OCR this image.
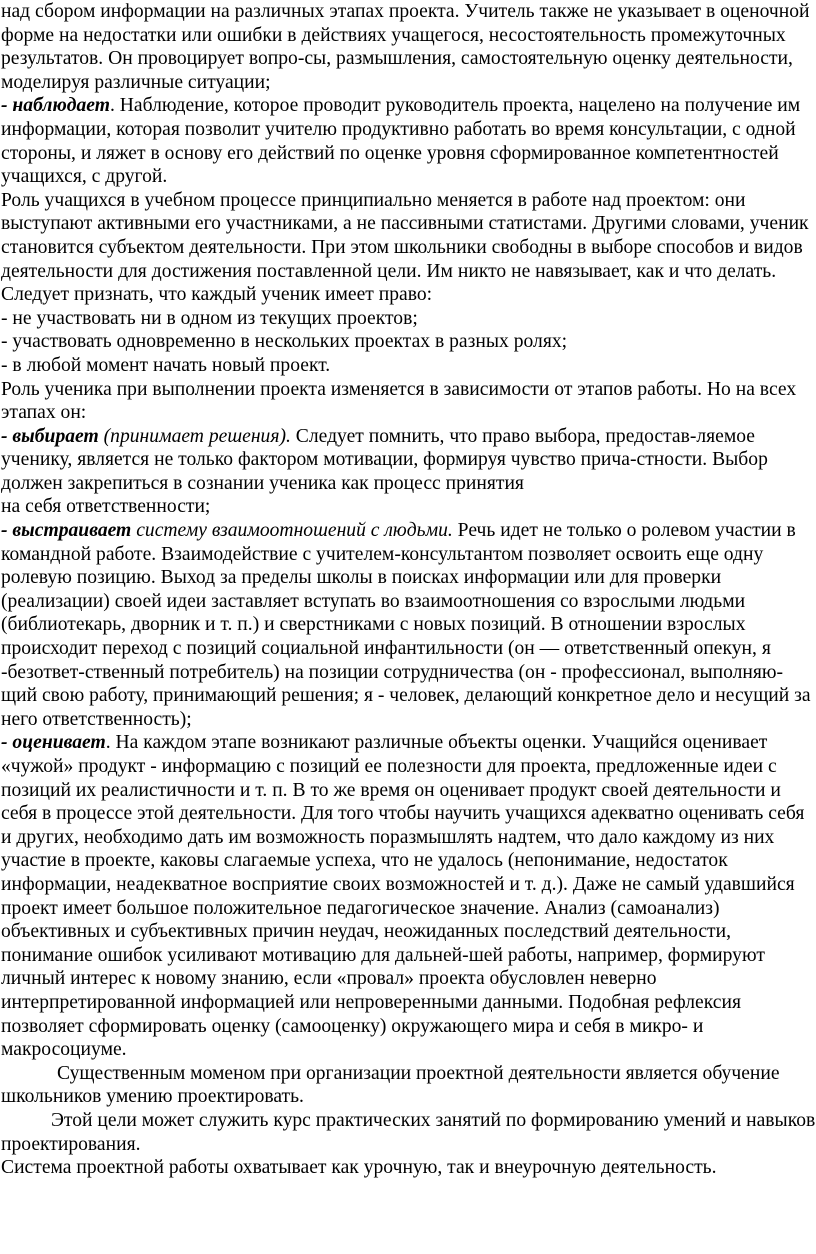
над сбором информации на различных этапах проекта. Учитель также не указывает в оценочной форме на недостатки или ошибки в действиях учащегося, несостоятельность промежуточных результатов. Он провоцирует вопро-сы, размышления, самостоятельную оценку деятельности, моделируя различные ситуации;

- наблюдает. Наблюдение, которое проводит руководитель проекта, нацелено на получение им информации, которая позволит учителю продуктивно работать во время консультации, с одной стороны, и ляжет в основу его действий по оценке уровня сформированное компетентностей учащихся, с другой.

Роль учащихся в учебном процессе принципиально меняется в работе над проектом: они выступают активными его участниками, а не пассивными статистами. Другими словами, ученик становится субъектом деятельности. При этом школьники свободны в выборе способов и видов деятельности для достижения поставленной цели. Им никто не навязывает, как и что делать.

Следует признать, что каждый ученик имеет право:

- не участвовать ни в одном из текущих проектов;

- участвовать одновременно в нескольких проектах в разных ролях;

- в любой момент начать новый проект.

Роль ученика при выполнении проекта изменяется в зависимости от этапов работы. Но на всех этапах он:

- выбирает (принимает решения). Следует помнить, что право выбора, предостав-ляемое ученику, является не только фактором мотивации, формируя чувство прича-стности. Выбор должен закрепиться в сознании ученика как процесс принятия

на себя ответственности;

- выстраивает систему взаимоотношений с людьми. Речь идет не только о ролевом участии в командной работе. Взаимодействие с учителем-консультантом позволяет освоить еще одну ролевую позицию. Выход за пределы школы в поисках информации или для проверки (реализации) своей идеи заставляет вступать во взаимоотношения со взрослыми людьми (библиотекарь, дворник и т. п.) и сверстниками с новых позиций. В отношении взрослых происходит переход с позиций социальной инфантильности (он — ответственный опекун, я -безответ-ственный потребитель) на позиции сотрудничества (он - профессионал, выполняю-щий свою работу, принимающий решения; я - человек, делающий конкретное дело и несущий за него ответственность);

- оценивает. На каждом этапе возникают различные объекты оценки. Учащийся оценивает «чужой» продукт - информацию с позиций ее полезности для проекта, предложенные идеи с позиций их реалистичности и т. п. В то же время он оценивает продукт своей деятельности и себя в процессе этой деятельности. Для того чтобы научить учащихся адекватно оценивать себя и других, необходимо дать им возможность поразмышлять надтем, что дало каждому из них участие в проекте, каковы слагаемые успеха, что не удалось (непонимание, недостаток информации, неадекватное восприятие своих возможностей и т. д.). Даже не самый удавшийся проект имеет большое положительное педагогическое значение. Анализ (самоанализ) объективных и субъективных причин неудач, неожиданных последствий деятельности, понимание ошибок усиливают мотивацию для дальней-шей работы, например, формируют личный интерес к новому знанию, если «провал» проекта обусловлен неверно интерпретированной информацией или непроверенными данными. Подобная рефлексия позволяет сформировать оценку (самооценку) окружающего мира и себя в микро- и макросоциуме.

Существенным моменом при организации проектной деятельности является обучение школьников умению проектировать.

Этой цели может служить курс практических занятий по формированию умений и навыков проектирования.

Система проектной работы охватывает как урочную, так и внеурочную деятельность.
